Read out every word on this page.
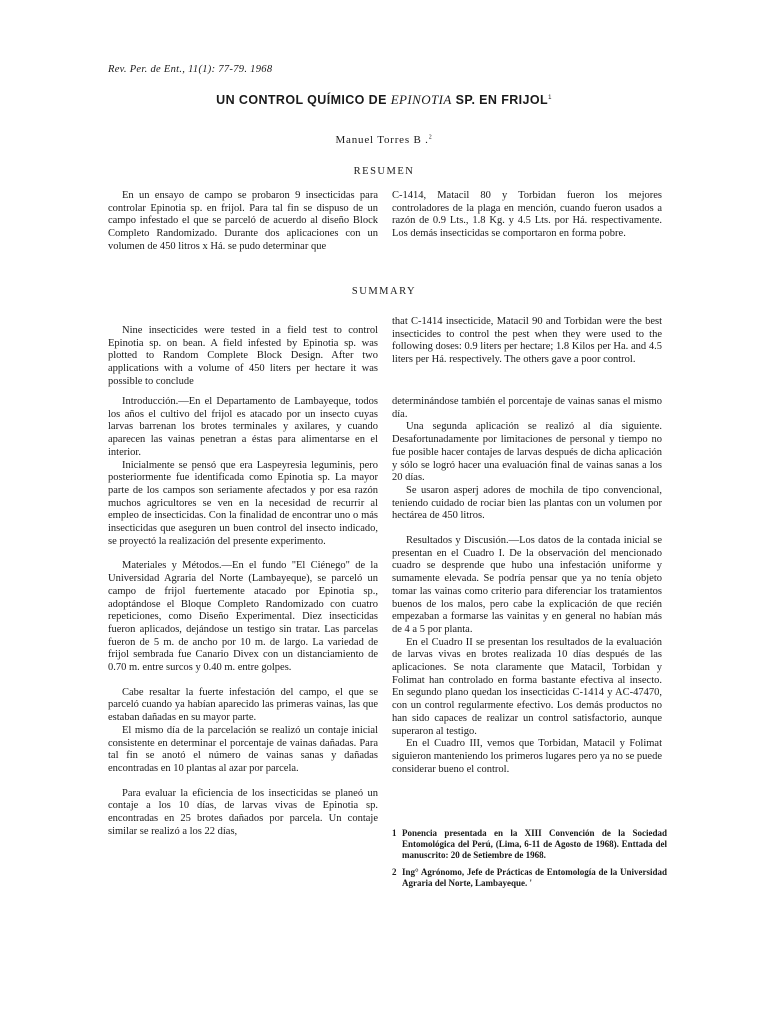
Rev. Per. de Ent., 11(1): 77-79. 1968
UN CONTROL QUÍMICO DE EPINOTIA SP. EN FRIJOL$^1$
Manuel Torres B .$^2$
RESUMEN

En un ensayo de campo se probaron 9 insecticidas para controlar Epinotia sp. en frijol. Para tal fin se dispuso de un campo infestado el que se parceló de acuerdo al diseño Block Completo Randomizado. Durante dos aplicaciones con un volumen de 450 litros x Há. se pudo determinar que

C-1414, Matacil 80 y Torbidan fueron los mejores controladores de la plaga en mención, cuando fueron usados a razón de 0.9 Lts., 1.8 Kg. y 4.5 Lts. por Há. respectivamente. Los demás insecticidas se comportaron en forma pobre.

SUMMARY

Nine insecticides were tested in a field test to control Epinotia sp. on bean. A field infested by Epinotia sp. was plotted to Random Complete Block Design. After two applications with a volume of 450 liters per hectare it was possible to conclude

that C-1414 insecticide, Matacil 90 and Torbidan were the best insecticides to control the pest when they were used to the following doses: 0.9 liters per hectare; 1.8 Kilos per Ha. and 4.5 liters per Há. respectively. The others gave a poor control.

Introducción.—En el Departamento de Lambayeque, todos los años el cultivo del frijol es atacado por un insecto cuyas larvas barrenan los brotes terminales y axilares, y cuando aparecen las vainas penetran a éstas para alimentarse en el interior.

Inicialmente se pensó que era Laspeyresia leguminis, pero posteriormente fue identificada como Epinotia sp. La mayor parte de los campos son seriamente afectados y por esa razón muchos agricultores se ven en la necesidad de recurrir al empleo de insecticidas. Con la finalidad de encontrar uno o más insecticidas que aseguren un buen control del insecto indicado, se proyectó la realización del presente experimento.

Materiales y Métodos.—En el fundo "El Ciénego" de la Universidad Agraria del Norte (Lambayeque), se parceló un campo de frijol fuertemente atacado por Epinotia sp., adoptándose el Bloque Completo Randomizado con cuatro repeticiones, como Diseño Experimental. Diez insecticidas fueron aplicados, dejándose un testigo sin tratar. Las parcelas fueron de 5 m. de ancho por 10 m. de largo. La variedad de frijol sembrada fue Canario Divex con un distanciamiento de 0.70 m. entre surcos y 0.40 m. entre golpes.

Cabe resaltar la fuerte infestación del campo, el que se parceló cuando ya habían aparecido las primeras vainas, las que estaban dañadas en su mayor parte.

El mismo día de la parcelación se realizó un contaje inicial consistente en determinar el porcentaje de vainas dañadas. Para tal fin se anotó el número de vainas sanas y dañadas encontradas en 10 plantas al azar por parcela.

Para evaluar la eficiencia de los insecticidas se planeó un contaje a los 10 días, de larvas vivas de Epinotia sp. encontradas en 25 brotes dañados por parcela. Un contaje similar se realizó a los 22 días,

determinándose también el porcentaje de vainas sanas el mismo día.

Una segunda aplicación se realizó al día siguiente. Desafortunadamente por limitaciones de personal y tiempo no fue posible hacer contajes de larvas después de dicha aplicación y sólo se logró hacer una evaluación final de vainas sanas a los 20 días.

Se usaron asperj adores de mochila de tipo convencional, teniendo cuidado de rociar bien las plantas con un volumen por hectárea de 450 litros.

Resultados y Discusión.—Los datos de la contada inicial se presentan en el Cuadro I. De la observación del mencionado cuadro se desprende que hubo una infestación uniforme y sumamente elevada. Se podría pensar que ya no tenía objeto tomar las vainas como criterio para diferenciar los tratamientos buenos de los malos, pero cabe la explicación de que recién empezaban a formarse las vainitas y en general no habían más de 4 a 5 por planta.

En el Cuadro II se presentan los resultados de la evaluación de larvas vivas en brotes realizada 10 días después de las aplicaciones. Se nota claramente que Matacil, Torbidan y Folimat han controlado en forma bastante efectiva al insecto. En segundo plano quedan los insecticidas C-1414 y AC-47470, con un control regularmente efectivo. Los demás productos no han sido capaces de realizar un control satisfactorio, aunque superaron al testigo.

En el Cuadro III, vemos que Torbidan, Matacil y Folimat siguieron manteniendo los primeros lugares pero ya no se puede considerar bueno el control.

1 Ponencia presentada en la XIII Convención de la Sociedad Entomológica del Perú, (Lima, 6-11 de Agosto de 1968). Enttada del manuscrito: 20 de Setiembre de 1968.
2 Ing° Agrónomo, Jefe de Prácticas de Entomología de la Universidad Agraria del Norte, Lambayeque. '
